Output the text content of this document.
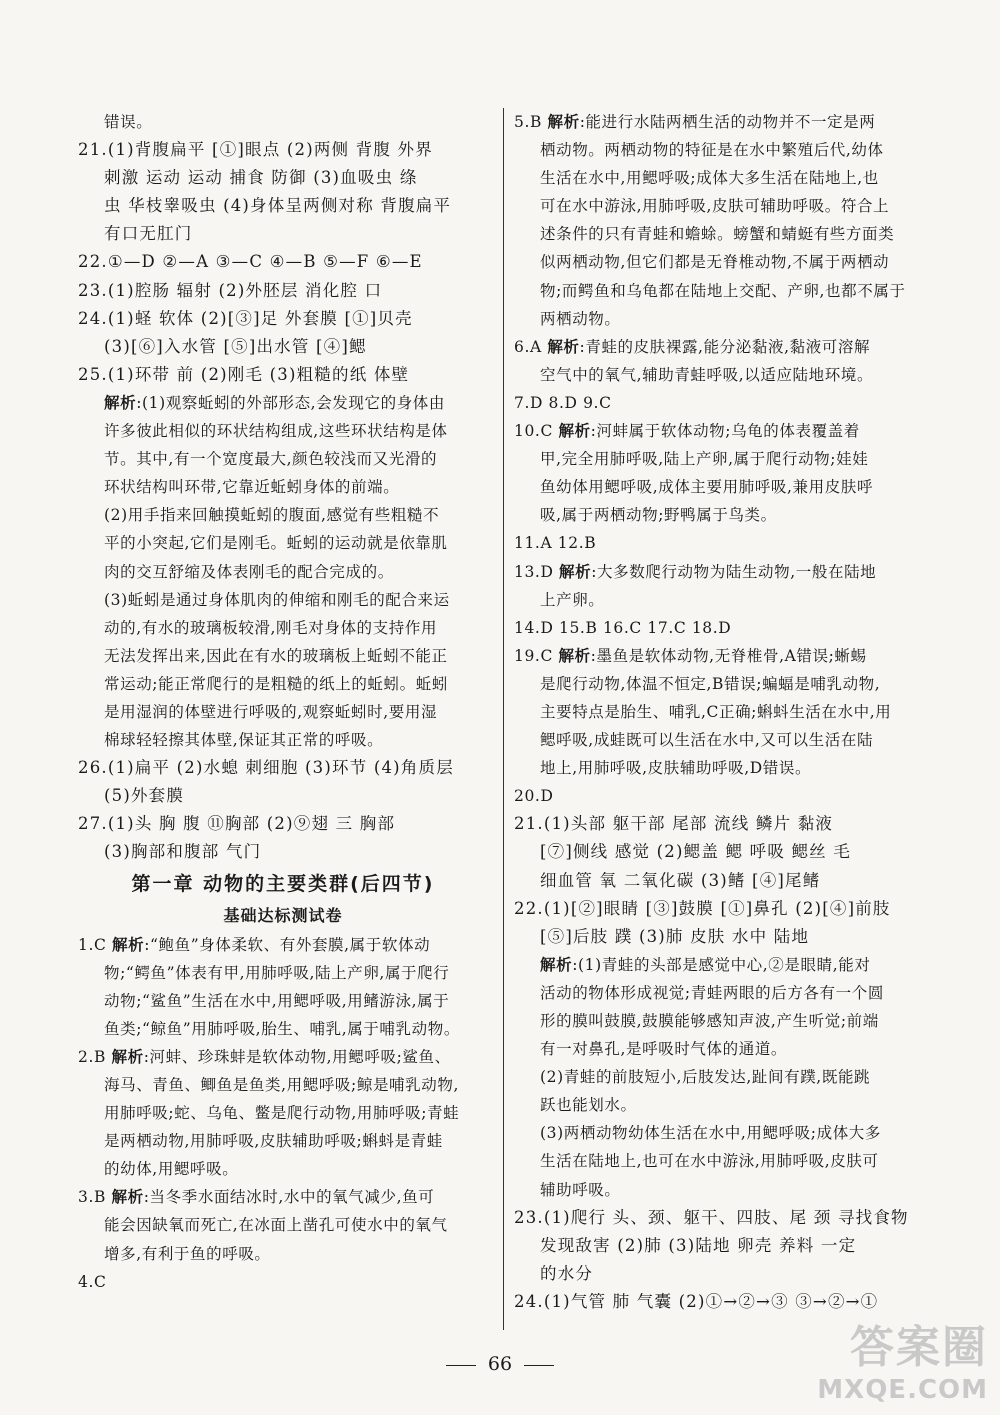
错误。
21.(1)背腹扁平 [①]眼点 (2)两侧 背腹 外界
刺激 运动 运动 捕食 防御 (3)血吸虫 绦
虫 华枝睾吸虫 (4)身体呈两侧对称 背腹扁平
有口无肛门
22.①—D ②—A ③—C ④—B ⑤—F ⑥—E
23.(1)腔肠 辐射 (2)外胚层 消化腔 口
24.(1)蛏 软体 (2)[③]足 外套膜 [①]贝壳
(3)[⑥]入水管 [⑤]出水管 [④]鳃
25.(1)环带 前 (2)刚毛 (3)粗糙的纸 体壁
解析:(1)观察蚯蚓的外部形态,会发现它的身体由
许多彼此相似的环状结构组成,这些环状结构是体
节。其中,有一个宽度最大,颜色较浅而又光滑的
环状结构叫环带,它靠近蚯蚓身体的前端。
(2)用手指来回触摸蚯蚓的腹面,感觉有些粗糙不
平的小突起,它们是刚毛。蚯蚓的运动就是依靠肌
肉的交互舒缩及体表刚毛的配合完成的。
(3)蚯蚓是通过身体肌肉的伸缩和刚毛的配合来运
动的,有水的玻璃板较滑,刚毛对身体的支持作用
无法发挥出来,因此在有水的玻璃板上蚯蚓不能正
常运动;能正常爬行的是粗糙的纸上的蚯蚓。蚯蚓
是用湿润的体壁进行呼吸的,观察蚯蚓时,要用湿
棉球轻轻擦其体壁,保证其正常的呼吸。
26.(1)扁平 (2)水螅 刺细胞 (3)环节 (4)角质层
(5)外套膜
27.(1)头 胸 腹 ⑪胸部 (2)⑨翅 三 胸部
(3)胸部和腹部 气门
第一章 动物的主要类群(后四节)
基础达标测试卷
1.C 解析:“鲍鱼”身体柔软、有外套膜,属于软体动
物;“鳄鱼”体表有甲,用肺呼吸,陆上产卵,属于爬行
动物;“鲨鱼”生活在水中,用鳃呼吸,用鳍游泳,属于
鱼类;“鲸鱼”用肺呼吸,胎生、哺乳,属于哺乳动物。
2.B 解析:河蚌、珍珠蚌是软体动物,用鳃呼吸;鲨鱼、
海马、青鱼、鲫鱼是鱼类,用鳃呼吸;鲸是哺乳动物,
用肺呼吸;蛇、乌龟、鳖是爬行动物,用肺呼吸;青蛙
是两栖动物,用肺呼吸,皮肤辅助呼吸;蝌蚪是青蛙
的幼体,用鳃呼吸。
3.B 解析:当冬季水面结冰时,水中的氧气减少,鱼可
能会因缺氧而死亡,在冰面上凿孔可使水中的氧气
增多,有利于鱼的呼吸。
4.C
5.B 解析:能进行水陆两栖生活的动物并不一定是两
栖动物。两栖动物的特征是在水中繁殖后代,幼体
生活在水中,用鳃呼吸;成体大多生活在陆地上,也
可在水中游泳,用肺呼吸,皮肤可辅助呼吸。符合上
述条件的只有青蛙和蟾蜍。螃蟹和蜻蜓有些方面类
似两栖动物,但它们都是无脊椎动物,不属于两栖动
物;而鳄鱼和乌龟都在陆地上交配、产卵,也都不属于
两栖动物。
6.A 解析:青蛙的皮肤裸露,能分泌黏液,黏液可溶解
空气中的氧气,辅助青蛙呼吸,以适应陆地环境。
7.D 8.D 9.C
10.C 解析:河蚌属于软体动物;乌龟的体表覆盖着
甲,完全用肺呼吸,陆上产卵,属于爬行动物;娃娃
鱼幼体用鳃呼吸,成体主要用肺呼吸,兼用皮肤呼
吸,属于两栖动物;野鸭属于鸟类。
11.A 12.B
13.D 解析:大多数爬行动物为陆生动物,一般在陆地
上产卵。
14.D 15.B 16.C 17.C 18.D
19.C 解析:墨鱼是软体动物,无脊椎骨,A错误;蜥蜴
是爬行动物,体温不恒定,B错误;蝙蝠是哺乳动物,
主要特点是胎生、哺乳,C正确;蝌蚪生活在水中,用
鳃呼吸,成蛙既可以生活在水中,又可以生活在陆
地上,用肺呼吸,皮肤辅助呼吸,D错误。
20.D
21.(1)头部 躯干部 尾部 流线 鳞片 黏液
[⑦]侧线 感觉 (2)鳃盖 鳃 呼吸 鳃丝 毛
细血管 氧 二氧化碳 (3)鳍 [④]尾鳍
22.(1)[②]眼睛 [③]鼓膜 [①]鼻孔 (2)[④]前肢
[⑤]后肢 蹼 (3)肺 皮肤 水中 陆地
解析:(1)青蛙的头部是感觉中心,②是眼睛,能对
活动的物体形成视觉;青蛙两眼的后方各有一个圆
形的膜叫鼓膜,鼓膜能够感知声波,产生听觉;前端
有一对鼻孔,是呼吸时气体的通道。
(2)青蛙的前肢短小,后肢发达,趾间有蹼,既能跳
跃也能划水。
(3)两栖动物幼体生活在水中,用鳃呼吸;成体大多
生活在陆地上,也可在水中游泳,用肺呼吸,皮肤可
辅助呼吸。
23.(1)爬行 头、颈、躯干、四肢、尾 颈 寻找食物
发现敌害 (2)肺 (3)陆地 卵壳 养料 一定
的水分
24.(1)气管 肺 气囊 (2)①→②→③ ③→②→①
66	答案圈
MXQE.COM
